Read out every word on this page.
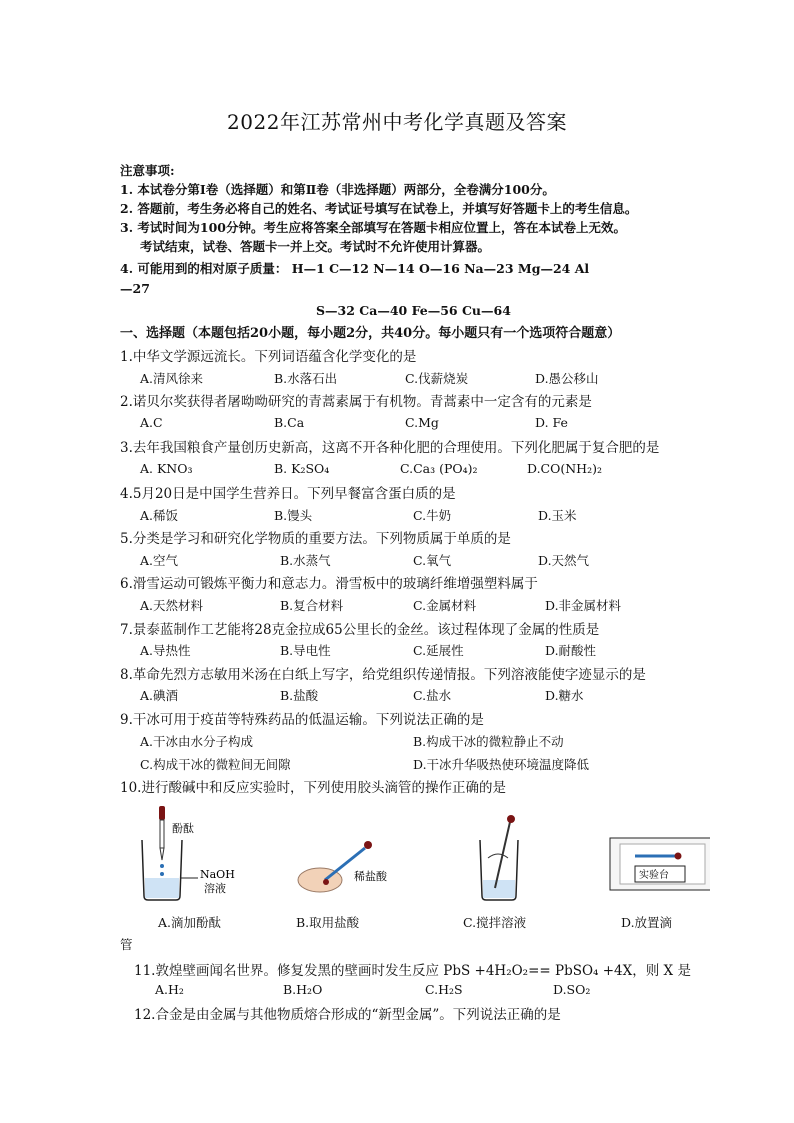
2022年江苏常州中考化学真题及答案
注意事项:
1. 本试卷分第Ⅰ卷（选择题）和第Ⅱ卷（非选择题）两部分，全卷满分100分。
2. 答题前，考生务必将自己的姓名、考试证号填写在试卷上，并填写好答题卡上的考生信息。
3. 考试时间为100分钟。考生应将答案全部填写在答题卡相应位置上，答在本试卷上无效。
考试结束，试卷、答题卡一并上交。考试时不允许使用计算器。
4. 可能用到的相对原子质量： H—1 C—12 N—14 O—16 Na—23 Mg—24 Al
—27
S—32 Ca—40 Fe—56 Cu—64
一、选择题（本题包括20小题，每小题2分，共40分。每小题只有一个选项符合题意）
1.中华文学源远流长。下列词语蕴含化学变化的是
A.清风徐来	B.水落石出	C.伐薪烧炭	D.愚公移山
2.诺贝尔奖获得者屠呦呦研究的青蒿素属于有机物。青蒿素中一定含有的元素是
A.C	B.Ca	C.Mg	D. Fe
3.去年我国粮食产量创历史新高，这离不开各种化肥的合理使用。下列化肥属于复合肥的是
A. KNO₃	B. K₂SO₄	C.Ca₃ (PO₄)₂	D.CO(NH₂)₂
4.5月20日是中国学生营养日。下列早餐富含蛋白质的是
A.稀饭	B.馒头	C.牛奶	D.玉米
5.分类是学习和研究化学物质的重要方法。下列物质属于单质的是
A.空气	B.水蒸气	C.氧气	D.天然气
6.滑雪运动可锻炼平衡力和意志力。滑雪板中的玻璃纤维增强塑料属于
A.天然材料	B.复合材料	C.金属材料	D.非金属材料
7.景泰蓝制作工艺能将28克金拉成65公里长的金丝。该过程体现了金属的性质是
A.导热性	B.导电性	C.延展性	D.耐酸性
8.革命先烈方志敏用米汤在白纸上写字，给党组织传递情报。下列溶液能使字迹显示的是
A.碘酒	B.盐酸	C.盐水	D.糖水
9.干冰可用于疫苗等特殊药品的低温运输。下列说法正确的是
A.干冰由水分子构成	B.构成干冰的微粒静止不动
C.构成干冰的微粒间无间隙	D.干冰升华吸热使环境温度降低
10.进行酸碱中和反应实验时，下列使用胶头滴管的操作正确的是
酚酞
NaOH
溶液
稀盐酸	实验台
A.滴加酚酞	B.取用盐酸	C.搅拌溶液	D.放置滴
管
11.敦煌壁画闻名世界。修复发黑的壁画时发生反应 PbS +4H₂O₂== PbSO₄ +4X，则 X 是
A.H₂	B.H₂O	C.H₂S	D.SO₂
12.合金是由金属与其他物质熔合形成的“新型金属”。下列说法正确的是
